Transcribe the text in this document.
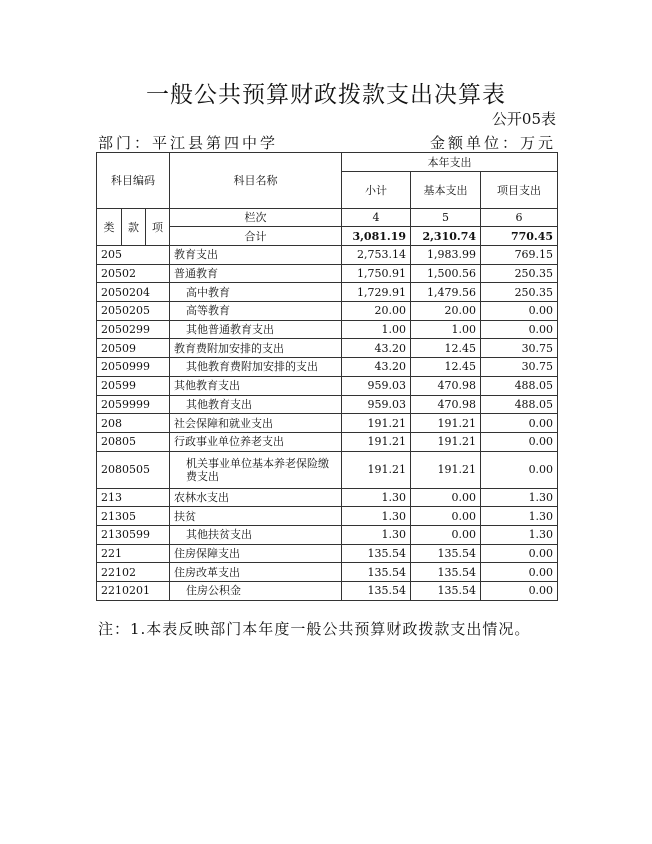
一般公共预算财政拨款支出决算表
公开05表
部门：平江县第四中学	金额单位：万元
科目编码			科目名称	本年支出		
				小计	基本支出	项目支出
类	款	项	栏次	4	5	6
			合计	3,081.19	2,310.74	770.45
205			教育支出	2,753.14	1,983.99	769.15
20502			普通教育	1,750.91	1,500.56	250.35
2050204			高中教育	1,729.91	1,479.56	250.35
2050205			高等教育	20.00	20.00	0.00
2050299			其他普通教育支出	1.00	1.00	0.00
20509			教育费附加安排的支出	43.20	12.45	30.75
2050999			其他教育费附加安排的支出	43.20	12.45	30.75
20599			其他教育支出	959.03	470.98	488.05
2059999			其他教育支出	959.03	470.98	488.05
208			社会保障和就业支出	191.21	191.21	0.00
20805			行政事业单位养老支出	191.21	191.21	0.00
2080505			机关事业单位基本养老保险缴费支出	191.21	191.21	0.00
213			农林水支出	1.30	0.00	1.30
21305			扶贫	1.30	0.00	1.30
2130599			其他扶贫支出	1.30	0.00	1.30
221			住房保障支出	135.54	135.54	0.00
22102			住房改革支出	135.54	135.54	0.00
2210201			住房公积金	135.54	135.54	0.00
注：1.本表反映部门本年度一般公共预算财政拨款支出情况。
